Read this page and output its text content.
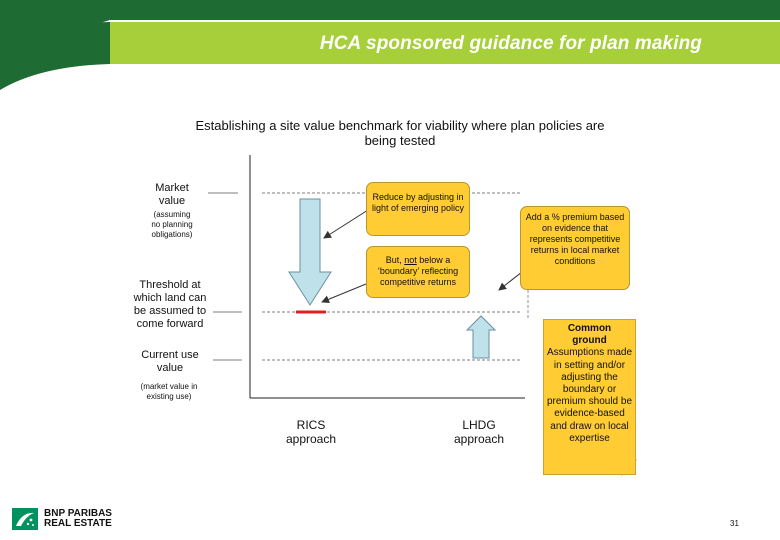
HCA sponsored guidance for plan making
Establishing a site value benchmark for viability where plan policies are
being tested
Market
value
(assuming
no planning
obligations)
Threshold at
which land can
be assumed to
come forward
Current use
value
(market value in
existing use)
RICS
approach
LHDG
approach
Reduce by adjusting in light of emerging policy
But, not below a ‘boundary’ reflecting competitive returns
Add a % premium based on evidence that represents competitive returns in local market conditions
Common
ground
Assumptions made in setting and/or adjusting the boundary or premium should be evidence-based and draw on local expertise
BNP PARIBAS
REAL ESTATE	31
